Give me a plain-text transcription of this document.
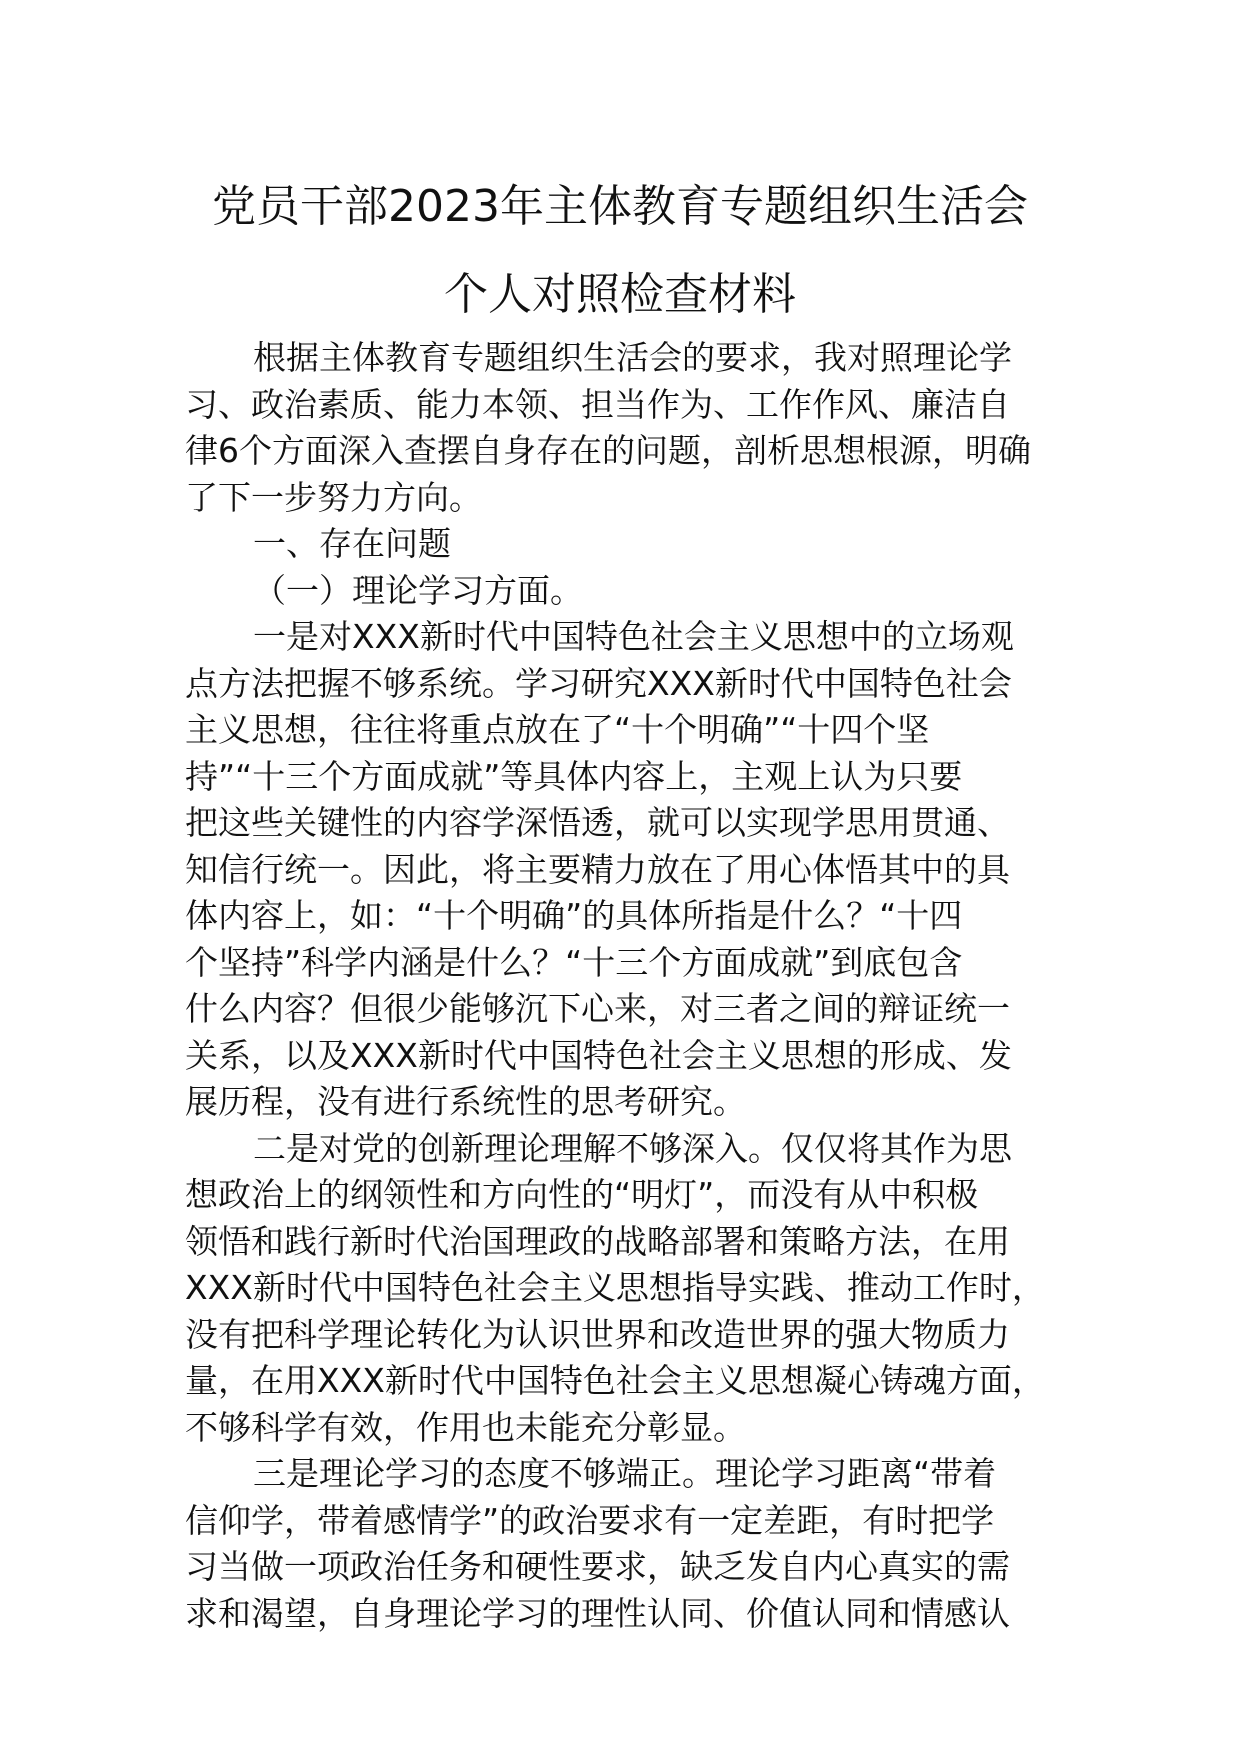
党员干部2023年主体教育专题组织生活会
个人对照检查材料
根据主体教育专题组织生活会的要求，我对照理论学
习、政治素质、能力本领、担当作为、工作作风、廉洁自
律6个方面深入查摆自身存在的问题，剖析思想根源，明确
了下一步努力方向。
一、存在问题
（一）理论学习方面。
一是对XXX新时代中国特色社会主义思想中的立场观
点方法把握不够系统。学习研究XXX新时代中国特色社会
主义思想，往往将重点放在了“十个明确”“十四个坚
持”“十三个方面成就”等具体内容上，主观上认为只要
把这些关键性的内容学深悟透，就可以实现学思用贯通、
知信行统一。因此，将主要精力放在了用心体悟其中的具
体内容上，如：“十个明确”的具体所指是什么？“十四
个坚持”科学内涵是什么？“十三个方面成就”到底包含
什么内容？但很少能够沉下心来，对三者之间的辩证统一
关系，以及XXX新时代中国特色社会主义思想的形成、发
展历程，没有进行系统性的思考研究。
二是对党的创新理论理解不够深入。仅仅将其作为思
想政治上的纲领性和方向性的“明灯”，而没有从中积极
领悟和践行新时代治国理政的战略部署和策略方法，在用
XXX新时代中国特色社会主义思想指导实践、推动工作时，
没有把科学理论转化为认识世界和改造世界的强大物质力
量，在用XXX新时代中国特色社会主义思想凝心铸魂方面，
不够科学有效，作用也未能充分彰显。
三是理论学习的态度不够端正。理论学习距离“带着
信仰学，带着感情学”的政治要求有一定差距，有时把学
习当做一项政治任务和硬性要求，缺乏发自内心真实的需
求和渴望，自身理论学习的理性认同、价值认同和情感认
